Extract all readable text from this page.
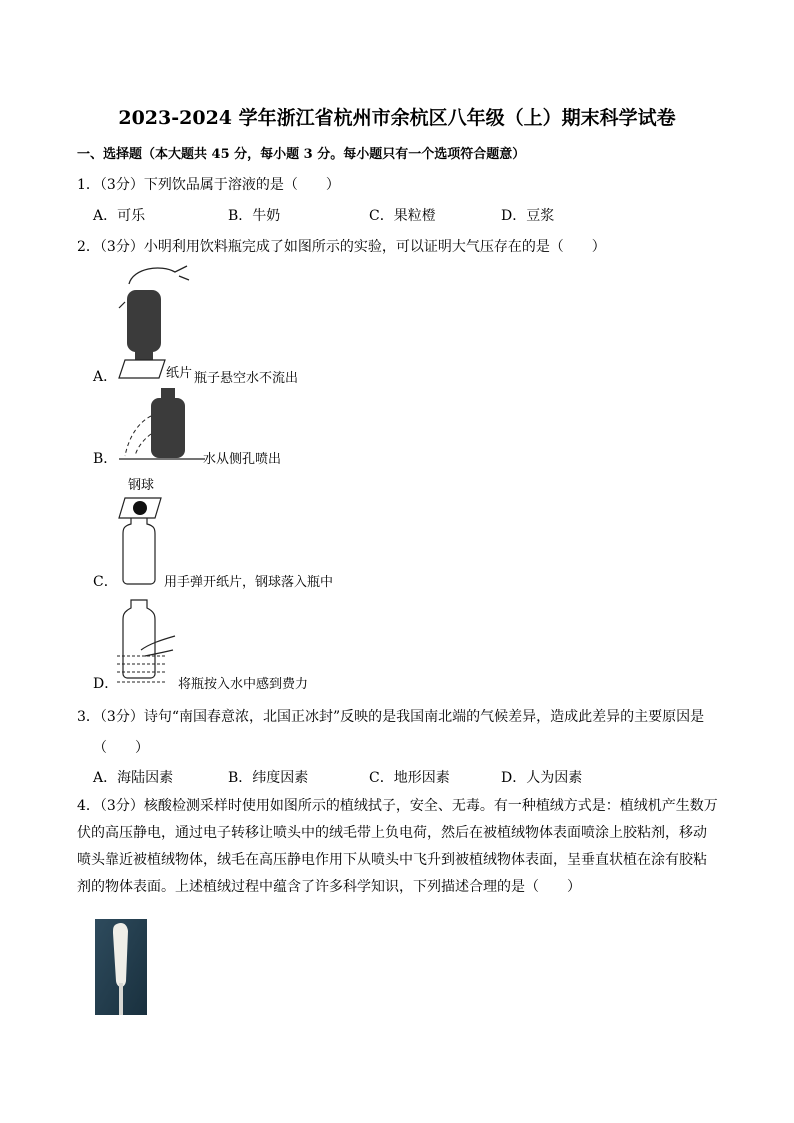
2023-2024 学年浙江省杭州市余杭区八年级（上）期末科学试卷
一、选择题（本大题共 45 分，每小题 3 分。每小题只有一个选项符合题意）
1．（3分）下列饮品属于溶液的是（　　）
A．可乐	B．牛奶	C．果粒橙	D．豆浆
2．（3分）小明利用饮料瓶完成了如图所示的实验，可以证明大气压存在的是（　　）
A．	纸片 瓶子悬空水不流出
B．	水从侧孔喷出
钢球
C．	用手弹开纸片，钢球落入瓶中
D．	将瓶按入水中感到费力
3．（3分）诗句“南国春意浓，北国正冰封”反映的是我国南北端的气候差异，造成此差异的主要原因是
（　　）
A．海陆因素	B．纬度因素	C．地形因素	D．人为因素
4．（3分）核酸检测采样时使用如图所示的植绒拭子，安全、无毒。有一种植绒方式是：植绒机产生数万
伏的高压静电，通过电子转移让喷头中的绒毛带上负电荷，然后在被植绒物体表面喷涂上胶粘剂，移动
喷头靠近被植绒物体，绒毛在高压静电作用下从喷头中飞升到被植绒物体表面，呈垂直状植在涂有胶粘
剂的物体表面。上述植绒过程中蕴含了许多科学知识，下列描述合理的是（　　）
